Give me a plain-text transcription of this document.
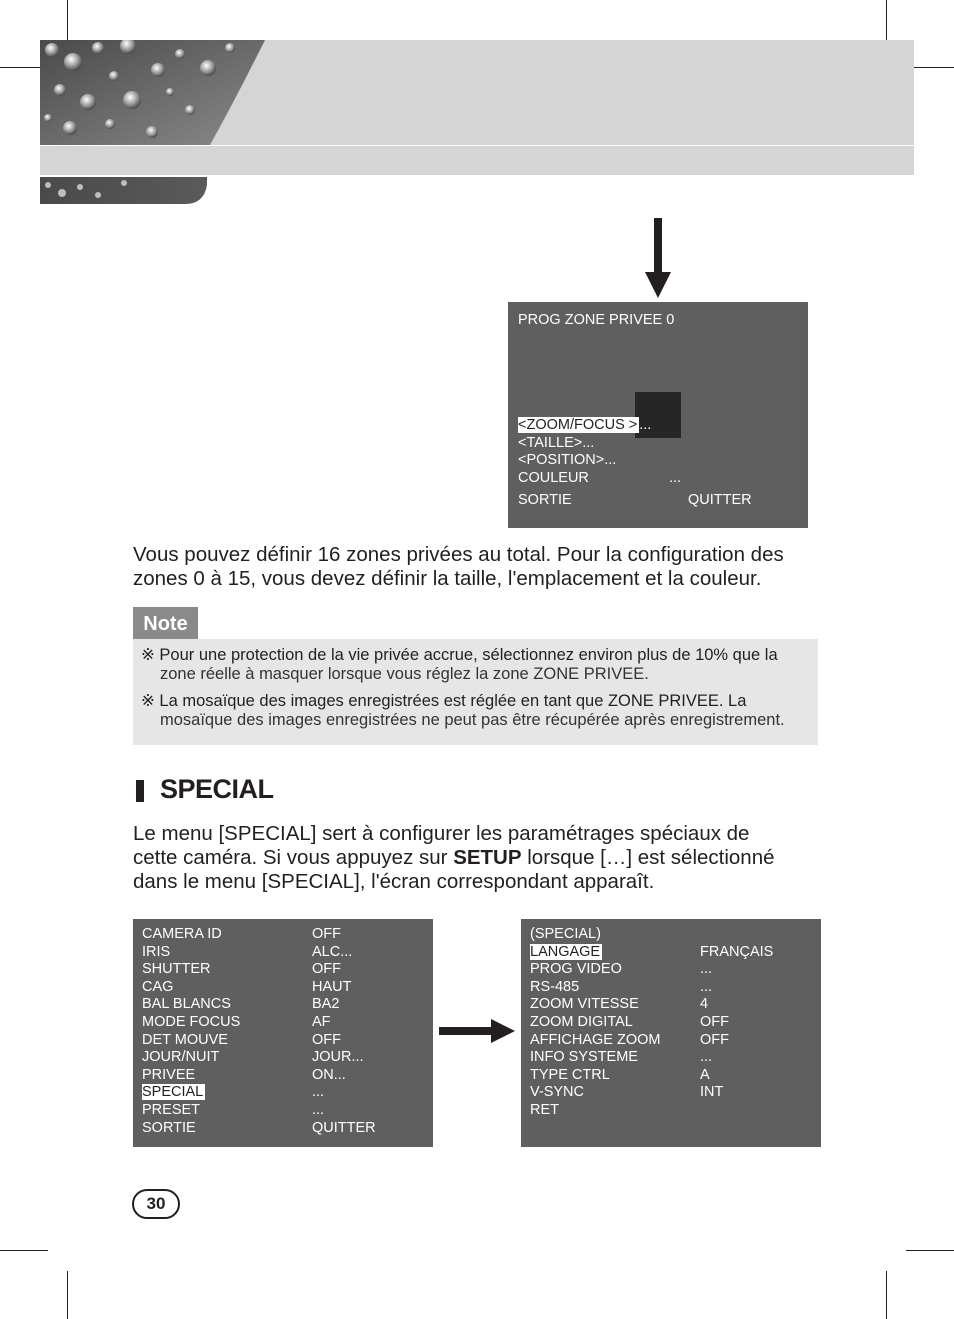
PROG ZONE PRIVEE 0
<ZOOM/FOCUS > ...
<TAILLE>...
<POSITION>...
COULEUR	...
SORTIE	QUITTER
Vous pouvez définir 16 zones privées au total. Pour la configuration des
zones 0 à 15, vous devez définir la taille, l'emplacement et la couleur.
Note
※ Pour une protection de la vie privée accrue, sélectionnez environ plus de 10% que la
zone réelle à masquer lorsque vous réglez la zone ZONE PRIVEE.
※ La mosaïque des images enregistrées est réglée en tant que ZONE PRIVEE. La
mosaïque des images enregistrées ne peut pas être récupérée après enregistrement.
SPECIAL
Le menu [SPECIAL] sert à configurer les paramétrages spéciaux de
cette caméra. Si vous appuyez sur SETUP lorsque […] est sélectionné
dans le menu [SPECIAL], l'écran correspondant apparaît.
CAMERA ID	OFF
IRIS	ALC...
SHUTTER	OFF
CAG	HAUT
BAL BLANCS	BA2
MODE FOCUS	AF
DET MOUVE	OFF
JOUR/NUIT	JOUR...
PRIVEE	ON...
SPECIAL	...
PRESET	...
SORTIE	QUITTER
(SPECIAL)
LANGAGE	FRANÇAIS
PROG VIDEO	...
RS-485	...
ZOOM VITESSE	4
ZOOM DIGITAL	OFF
AFFICHAGE ZOOM	OFF
INFO SYSTEME	...
TYPE CTRL	A
V-SYNC	INT
RET
30
